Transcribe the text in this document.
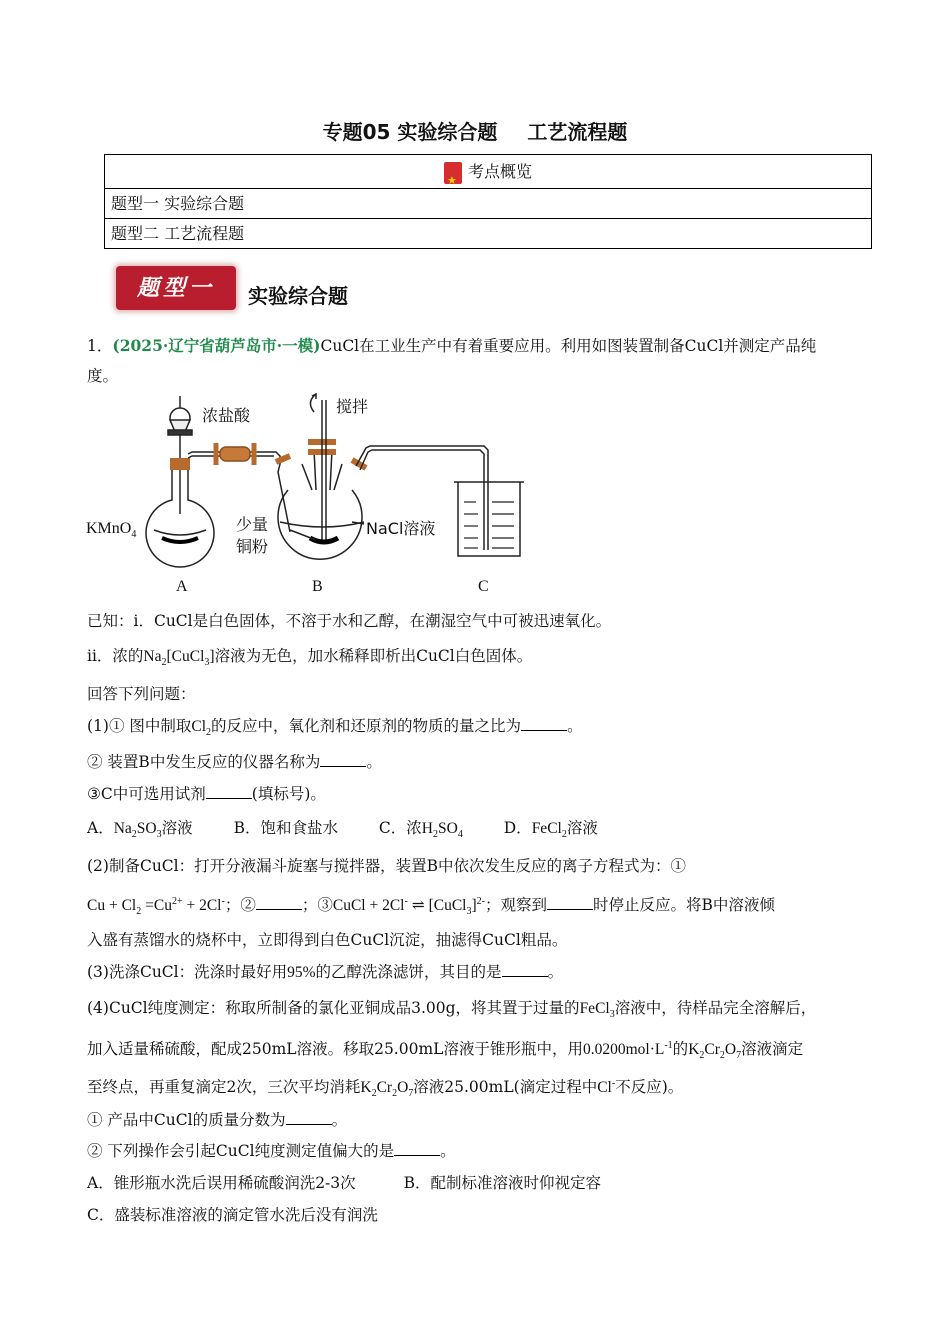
专题05 实验综合题 工艺流程题
★考点概览
题型一 实验综合题
题型二 工艺流程题
题型一	实验综合题
1．(2025·辽宁省葫芦岛市·一模)CuCl在工业生产中有着重要应用。利用如图装置制备CuCl并测定产品纯
度。
浓盐酸	搅拌
KMnO$_4$
少量
铜粉
NaCl溶液
A	B	C
已知：ⅰ．CuCl是白色固体，不溶于水和乙醇，在潮湿空气中可被迅速氧化。
ⅱ．浓的$Na_2[CuCl_3]$溶液为无色，加水稀释即析出CuCl白色固体。
回答下列问题：
(1)① 图中制取$Cl_2$的反应中，氧化剂和还原剂的物质的量之比为	。
② 装置B中发生反应的仪器名称为	。
③C中可选用试剂	(填标号)。
A．$Na_2SO_3$溶液	B．饱和食盐水	C．浓$H_2SO_4$	D．FeCl$_2$溶液
(2)制备CuCl：打开分液漏斗旋塞与搅拌器，装置B中依次发生反应的离子方程式为：①
$Cu + Cl_2 =Cu^{2+} + 2Cl^-$；②	；③CuCl + 2Cl- ⇌ [CuCl$_3$]$^{2-}$；观察到	时停止反应。将B中溶液倾
入盛有蒸馏水的烧杯中，立即得到白色CuCl沉淀，抽滤得CuCl粗品。
(3)洗涤CuCl：洗涤时最好用95%的乙醇洗涤滤饼，其目的是	。
(4)CuCl纯度测定：称取所制备的氯化亚铜成品3.00g，将其置于过量的FeCl$_3$溶液中，待样品完全溶解后，
加入适量稀硫酸，配成250mL溶液。移取25.00mL溶液于锥形瓶中，用$0.0200mol\cdot L^{-1}$的$K_2Cr_2O_7$溶液滴定
至终点，再重复滴定2次，三次平均消耗$K_2Cr_2O_7$溶液25.00mL(滴定过程中Cl-不反应)。
① 产品中CuCl的质量分数为	。
② 下列操作会引起CuCl纯度测定值偏大的是	。
A．锥形瓶水洗后误用稀硫酸润洗2-3次	B．配制标准溶液时仰视定容
C．盛装标准溶液的滴定管水洗后没有润洗
